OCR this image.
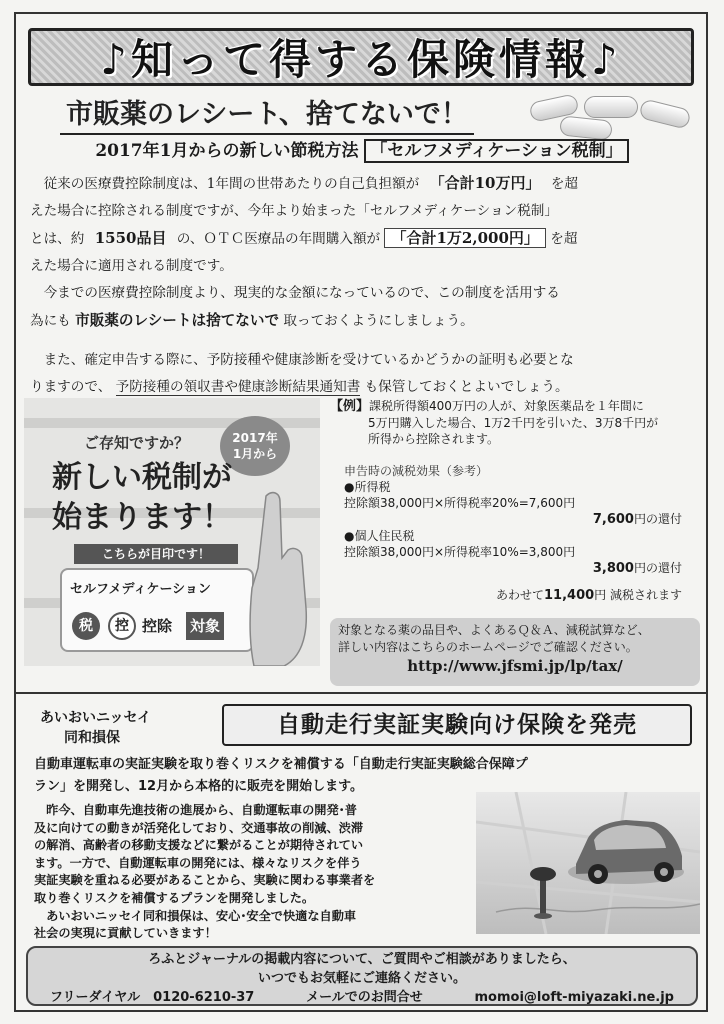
♪知って得する保険情報♪
市販薬のレシート、捨てないで！
2017年1月からの新しい節税方法 「セルフメディケーション税制」

　従来の医療費控除制度は、1年間の世帯あたりの自己負担額が 「合計10万円」 を超

えた場合に控除される制度ですが、今年より始まった「セルフメディケーション税制」

とは、約 1550品目 の、ＯＴＣ医療品の年間購入額が 「合計1万2,000円」 を超

えた場合に適用される制度です。

　今までの医療費控除制度より、現実的な金額になっているので、この制度を活用する

為にも 市販薬のレシートは捨てないで 取っておくようにしましょう。

　また、確定申告する際に、予防接種や健康診断を受けているかどうかの証明も必要とな

りますので、 予防接種の領収書や健康診断結果通知書 も保管しておくとよいでしょう。

ご存知ですか？	2017年
1月から
新しい税制が
始まります！
こちらが目印です！
セルフメディケーション
税	控 控除 対象
【例】課税所得額400万円の人が、対象医薬品を１年間に
5万円購入した場合、1万2千円を引いた、3万8千円が
所得から控除されます。
申告時の減税効果（参考）
●所得税
控除額38,000円×所得税率20%=7,600円
7,600円の還付
●個人住民税
控除額38,000円×所得税率10%=3,800円
3,800円の還付
あわせて11,400円 減税されます
対象となる薬の品目や、よくあるＱ＆Ａ、減税試算など、
詳しい内容はこちらのホームページでご確認ください。
http://www.jfsmi.jp/lp/tax/
あいおいニッセイ
同和損保	自動走行実証実験向け保険を発売
自動車運転車の実証実験を取り巻くリスクを補償する「自動走行実証実験総合保障プ
ラン」を開発し、12月から本格的に販売を開始します。

　昨今、自動車先進技術の進展から、自動運転車の開発･普

及に向けての動きが活発化しており、交通事故の削減、渋滞

の解消、高齢者の移動支援などに繋がることが期待されてい

ます。一方で、自動運転車の開発には、様々なリスクを伴う

実証実験を重ねる必要があることから、実験に関わる事業者を

取り巻くリスクを補償するプランを開発しました。

　あいおいニッセイ同和損保は、安心･安全で快適な自動車

社会の実現に貢献していきます！

ろふとジャーナルの掲載内容について、ご質問やご相談がありましたら、
いつでもお気軽にご連絡ください。
フリーダイヤル　 0120-6210-37	メールでのお問合せ	momoi@loft-miyazaki.ne.jp
